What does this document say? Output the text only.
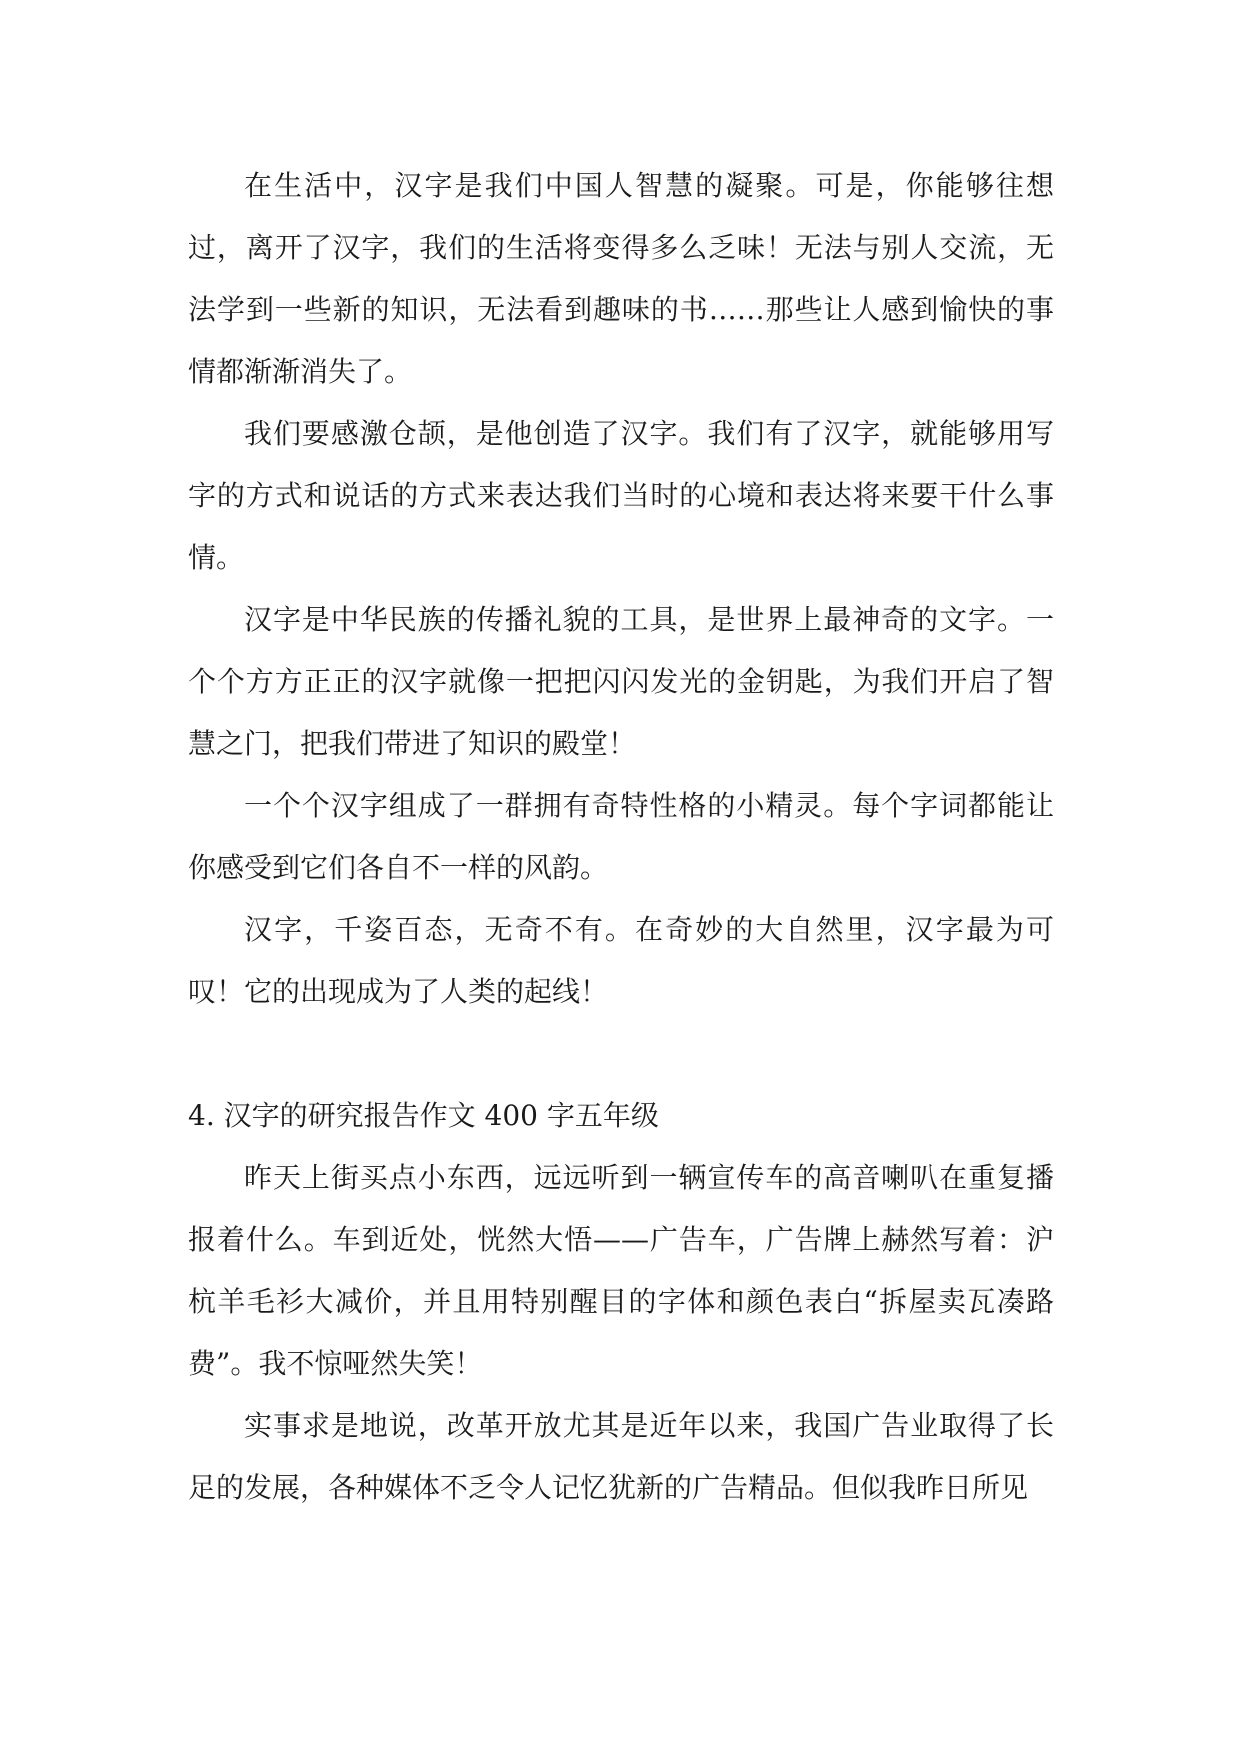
在生活中，汉字是我们中国人智慧的凝聚。可是，你能够往想过，离开了汉字，我们的生活将变得多么乏味！无法与别人交流，无法学到一些新的知识，无法看到趣味的书……那些让人感到愉快的事情都渐渐消失了。

我们要感激仓颉，是他创造了汉字。我们有了汉字，就能够用写字的方式和说话的方式来表达我们当时的心境和表达将来要干什么事情。

汉字是中华民族的传播礼貌的工具，是世界上最神奇的文字。一个个方方正正的汉字就像一把把闪闪发光的金钥匙，为我们开启了智慧之门，把我们带进了知识的殿堂！

一个个汉字组成了一群拥有奇特性格的小精灵。每个字词都能让你感受到它们各自不一样的风韵。

汉字，千姿百态，无奇不有。在奇妙的大自然里，汉字最为可叹！它的出现成为了人类的起线！

4. 汉字的研究报告作文 400 字五年级

昨天上街买点小东西，远远听到一辆宣传车的高音喇叭在重复播报着什么。车到近处，恍然大悟——广告车，广告牌上赫然写着：沪杭羊毛衫大减价，并且用特别醒目的字体和颜色表白“拆屋卖瓦凑路费”。我不惊哑然失笑！

实事求是地说，改革开放尤其是近年以来，我国广告业取得了长足的发展，各种媒体不乏令人记忆犹新的广告精品。但似我昨日所见
